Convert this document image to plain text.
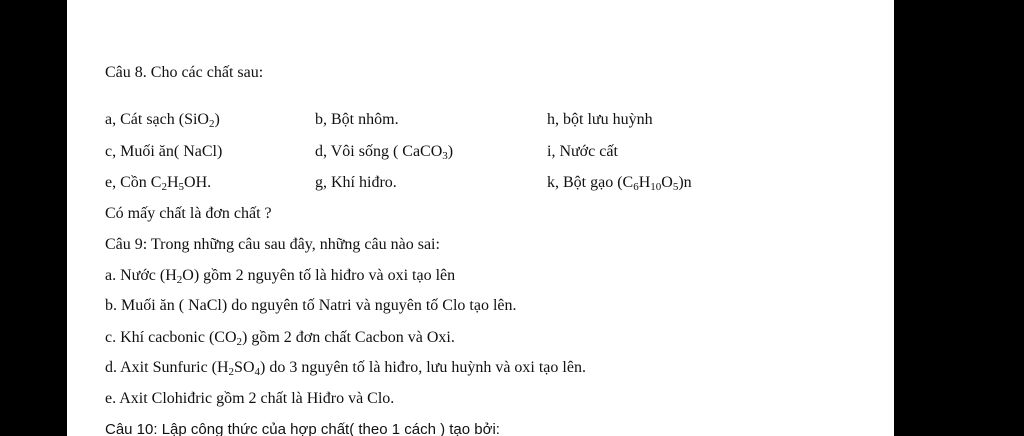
Câu 8. Cho các chất sau:
a, Cát sạch (SiO$_2$)	b, Bột nhôm.	h, bột lưu huỳnh
c, Muối ăn( NaCl)	d, Vôi sống ( CaCO$_3$)	i, Nước cất
e, Cồn $C_2H_5OH$.	g, Khí hiđro.	k, Bột gạo $(C_6H_{10}O_5)n$
Có mấy chất là đơn chất ?
Câu 9: Trong những câu sau đây, những câu nào sai:
a. Nước $(H_2O)$ gồm 2 nguyên tố là hiđro và oxi tạo lên
b. Muối ăn ( NaCl) do nguyên tố Natri và nguyên tố Clo tạo lên.
c. Khí cacbonic $(CO_2)$ gồm 2 đơn chất Cacbon và Oxi.
d. Axit Sunfuric $(H_2SO_4)$ do 3 nguyên tố là hiđro, lưu huỳnh và oxi tạo lên.
e. Axit Clohiđric gồm 2 chất là Hiđro và Clo.
Câu 10: Lập công thức của hợp chất( theo 1 cách ) tạo bởi:
